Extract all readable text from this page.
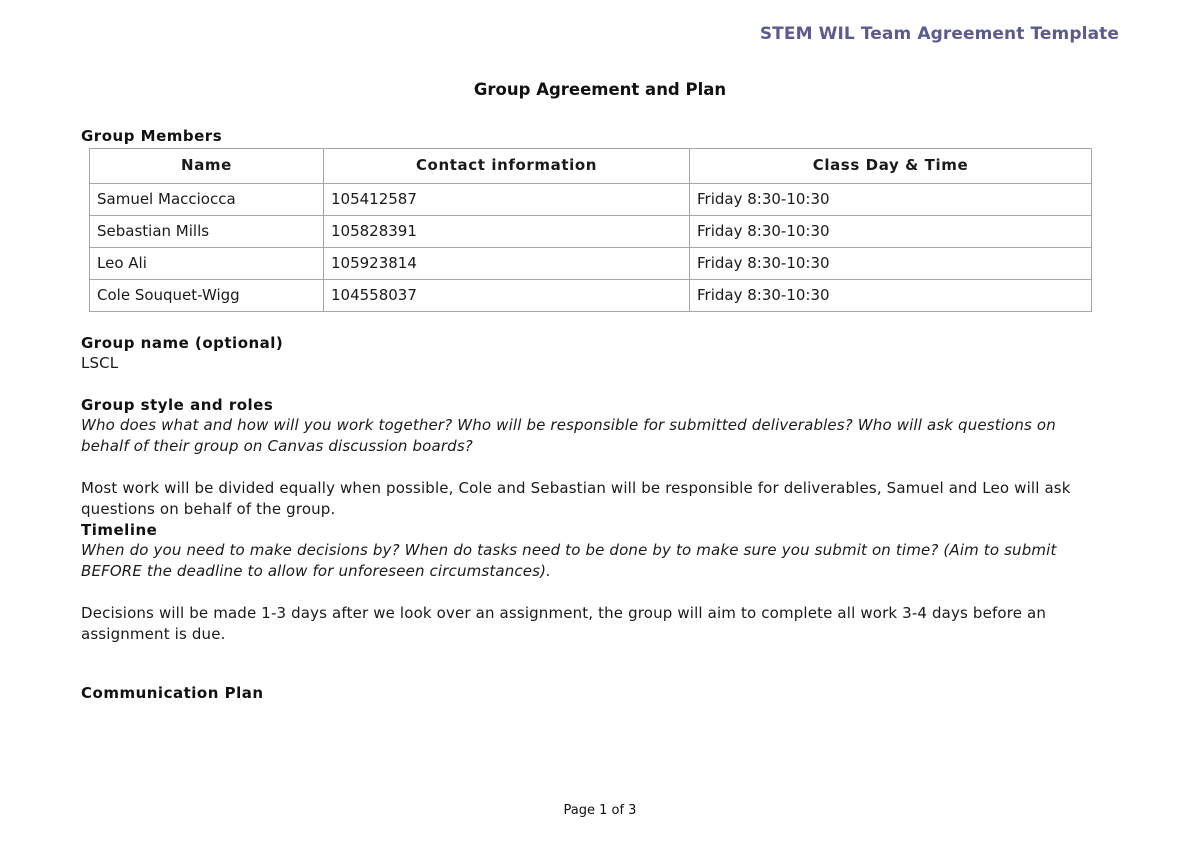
STEM WIL Team Agreement Template
Group Agreement and Plan
Group Members
Name	Contact information	Class Day & Time
Samuel Macciocca	105412587	Friday 8:30-10:30
Sebastian Mills	105828391	Friday 8:30-10:30
Leo Ali	105923814	Friday 8:30-10:30
Cole Souquet-Wigg	104558037	Friday 8:30-10:30
Group name (optional)
LSCL
Group style and roles
Who does what and how will you work together? Who will be responsible for submitted deliverables? Who will ask questions on
behalf of their group on Canvas discussion boards?
Most work will be divided equally when possible, Cole and Sebastian will be responsible for deliverables, Samuel and Leo will ask
questions on behalf of the group.
Timeline
When do you need to make decisions by? When do tasks need to be done by to make sure you submit on time? (Aim to submit
BEFORE the deadline to allow for unforeseen circumstances).
Decisions will be made 1-3 days after we look over an assignment, the group will aim to complete all work 3-4 days before an
assignment is due.
Communication Plan
Page 1 of 3
